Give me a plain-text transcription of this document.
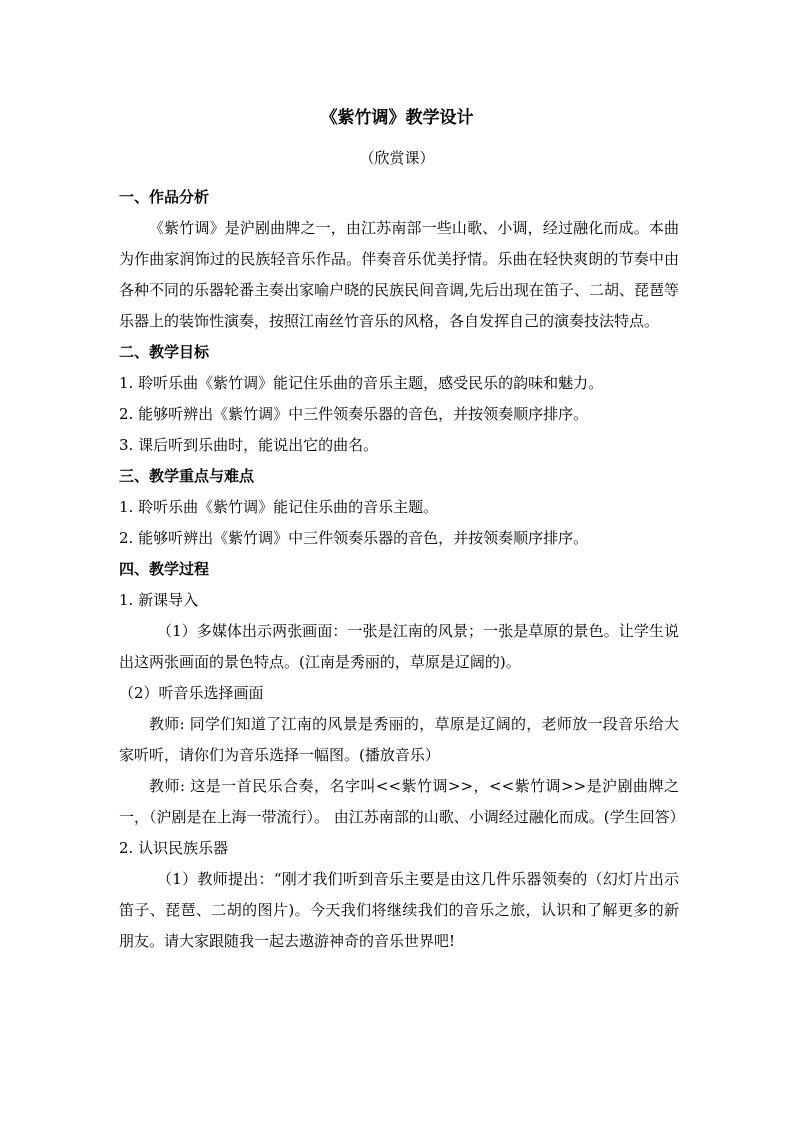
《紫竹调》教学设计
（欣赏课）

一、作品分析

《紫竹调》是沪剧曲牌之一，由江苏南部一些山歌、小调，经过融化而成。本曲为作曲家润饰过的民族轻音乐作品。伴奏音乐优美抒情。乐曲在轻快爽朗的节奏中由各种不同的乐器轮番主奏出家喻户晓的民族民间音调,先后出现在笛子、二胡、琵琶等乐器上的装饰性演奏，按照江南丝竹音乐的风格，各自发挥自己的演奏技法特点。

二、教学目标

1. 聆听乐曲《紫竹调》能记住乐曲的音乐主题，感受民乐的韵味和魅力。

2. 能够听辨出《紫竹调》中三件领奏乐器的音色，并按领奏顺序排序。

3. 课后听到乐曲时，能说出它的曲名。

三、教学重点与难点

1. 聆听乐曲《紫竹调》能记住乐曲的音乐主题。

2. 能够听辨出《紫竹调》中三件领奏乐器的音色，并按领奏顺序排序。

四、教学过程

1. 新课导入

（1）多媒体出示两张画面：一张是江南的风景；一张是草原的景色。让学生说出这两张画面的景色特点。(江南是秀丽的，草原是辽阔的)。

（2）听音乐选择画面

教师: 同学们知道了江南的风景是秀丽的，草原是辽阔的，老师放一段音乐给大家听听，请你们为音乐选择一幅图。(播放音乐）

教师: 这是一首民乐合奏，名字叫<<紫竹调>>，<<紫竹调>>是沪剧曲牌之一，（沪剧是在上海一带流行）。 由江苏南部的山歌、小调经过融化而成。(学生回答）

2. 认识民族乐器

（1）教师提出：“刚才我们听到音乐主要是由这几件乐器领奏的（幻灯片出示笛子、琵琶、二胡的图片)。今天我们将继续我们的音乐之旅，认识和了解更多的新朋友。请大家跟随我一起去遨游神奇的音乐世界吧!
